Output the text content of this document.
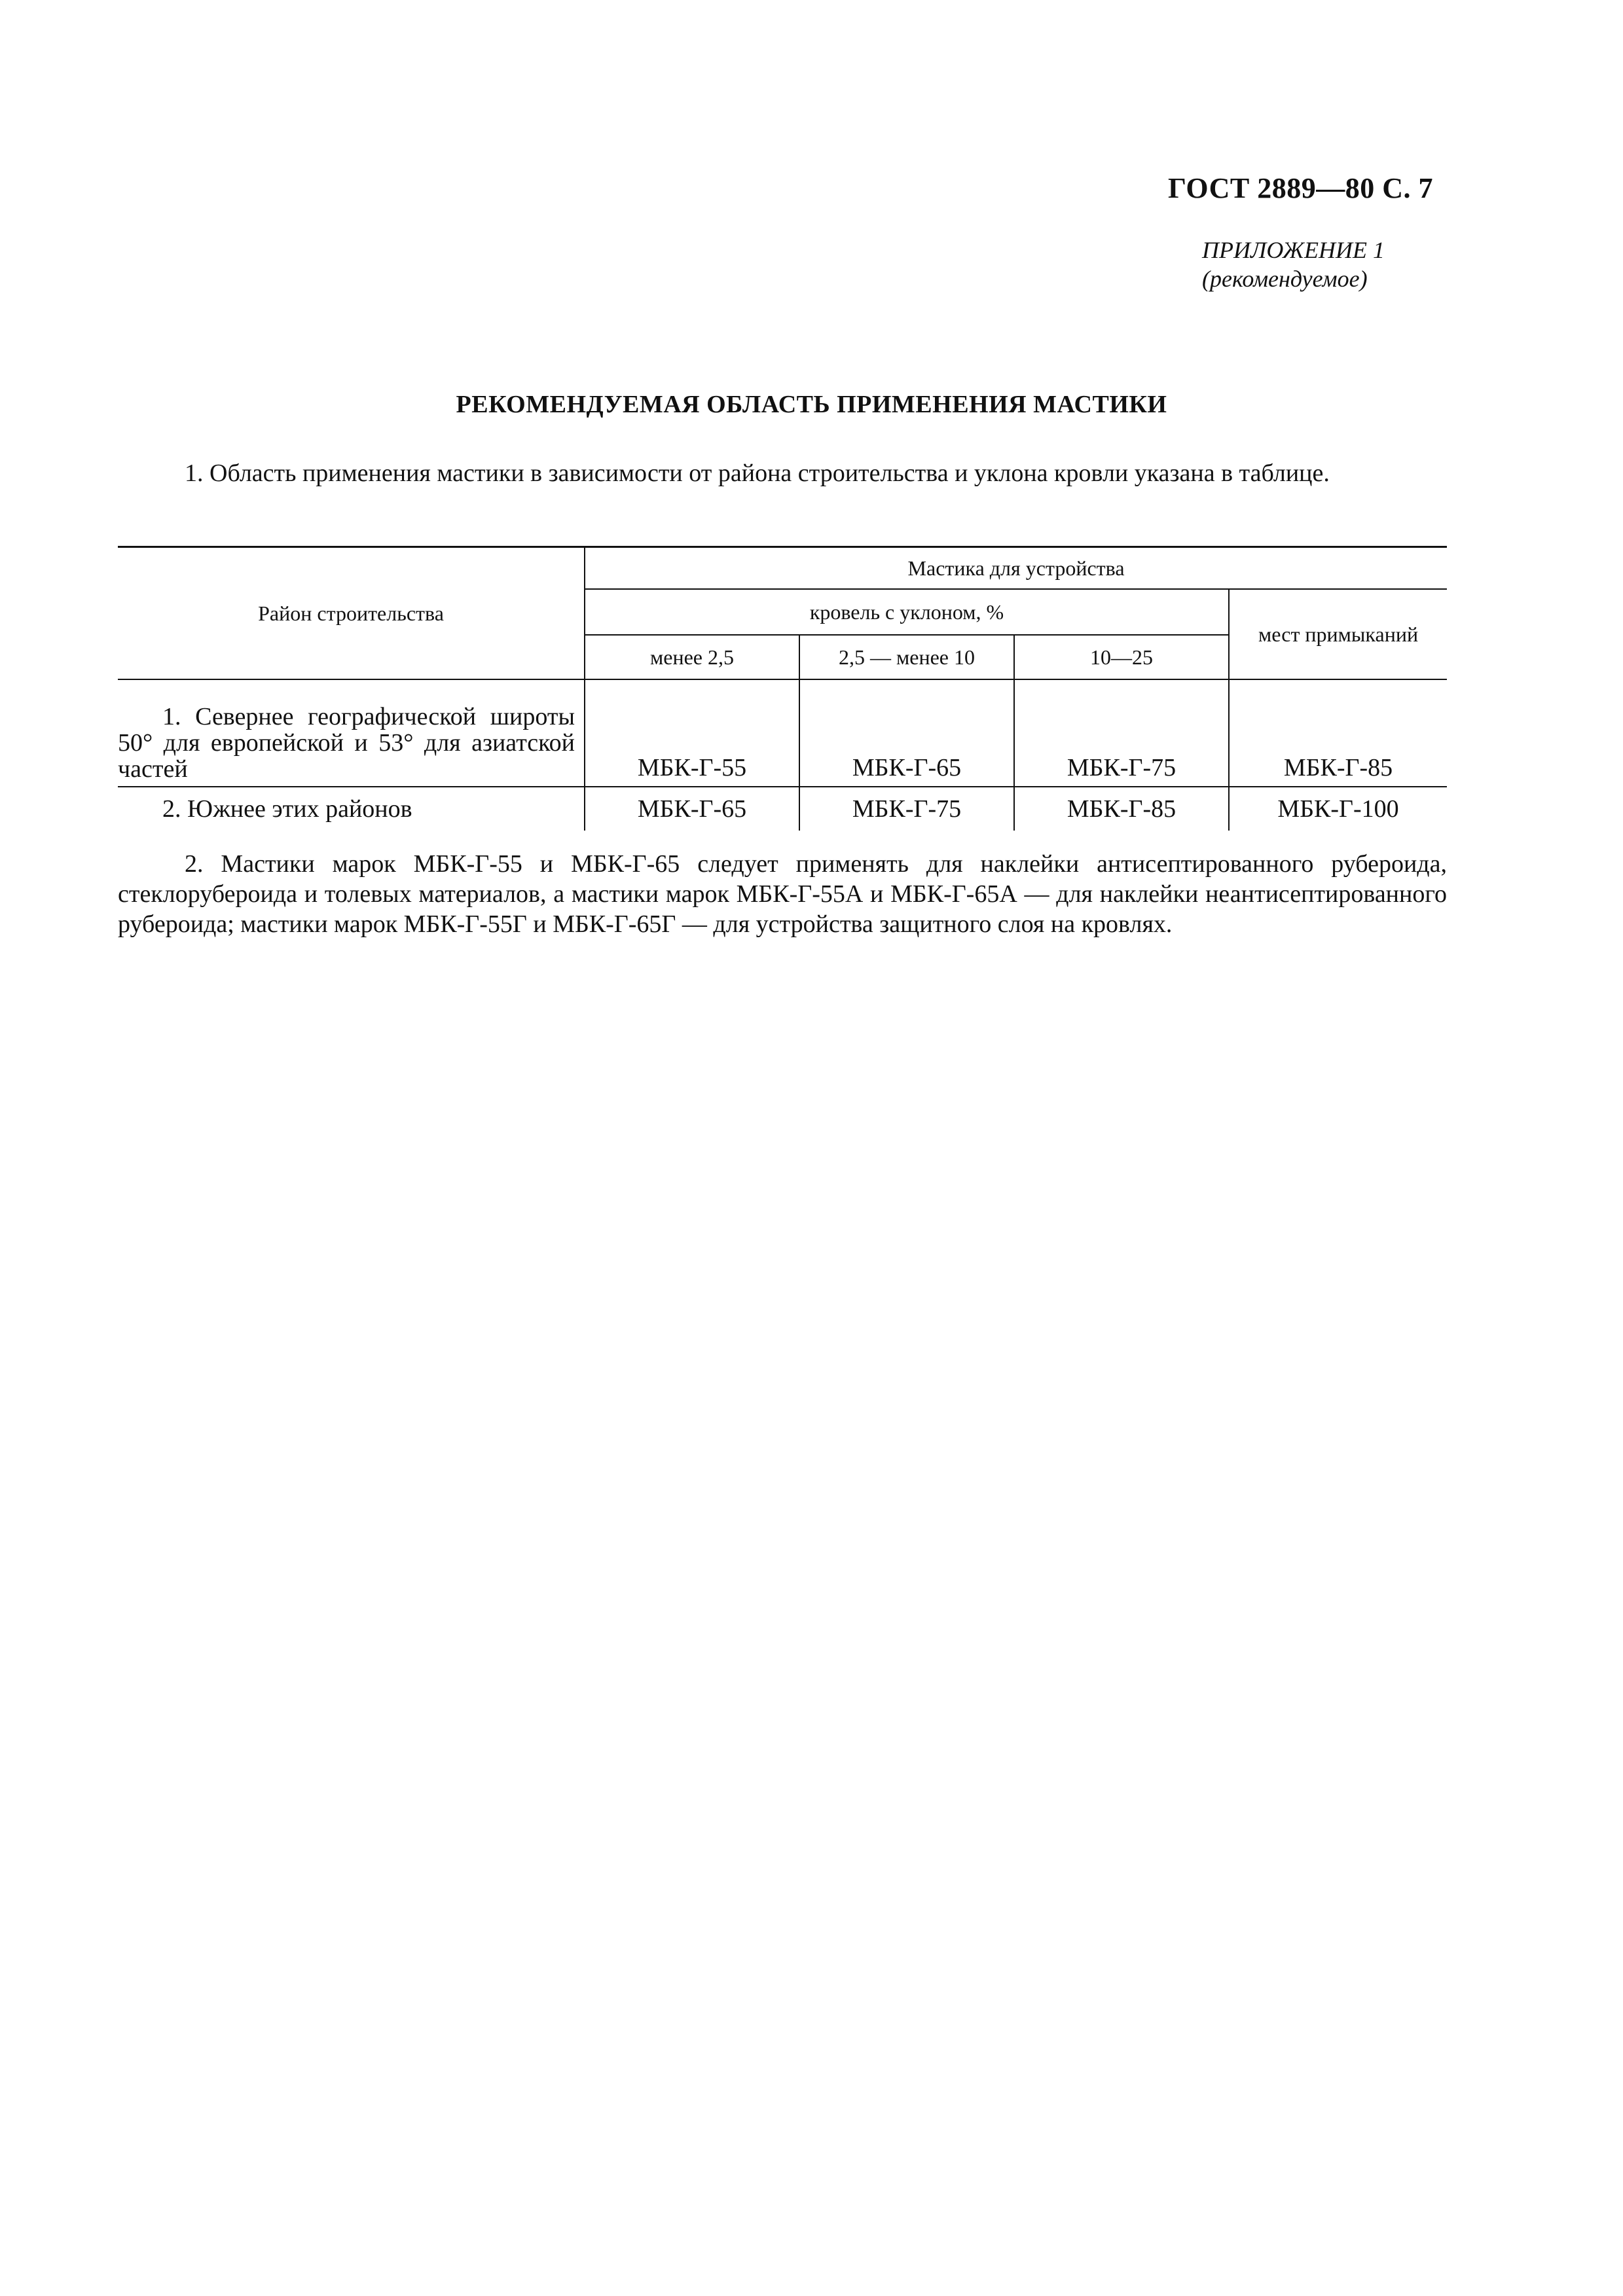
ГОСТ 2889—80 С. 7
ПРИЛОЖЕНИЕ 1
(рекомендуемое)
РЕКОМЕНДУЕМАЯ ОБЛАСТЬ ПРИМЕНЕНИЯ МАСТИКИ
1. Область применения мастики в зависимости от района строительства и уклона кровли указана в таблице.
Район строительства	Мастика для устройства			
	кровель с уклоном, %			мест примыканий
	менее 2,5	2,5 — менее 10	10—25	

1. Севернее географической широты 50° для европейской и 53° для азиатской частей	МБК-Г-55	МБК-Г-65	МБК-Г-75	МБК-Г-85
2. Южнее этих районов	МБК-Г-65	МБК-Г-75	МБК-Г-85	МБК-Г-100
2. Мастики марок МБК-Г-55 и МБК-Г-65 следует применять для наклейки антисептированного рубероида, стеклорубероида и толевых материалов, а мастики марок МБК-Г-55А и МБК-Г-65А — для наклейки неантисептированного рубероида; мастики марок МБК-Г-55Г и МБК-Г-65Г — для устройства защитного слоя на кровлях.
